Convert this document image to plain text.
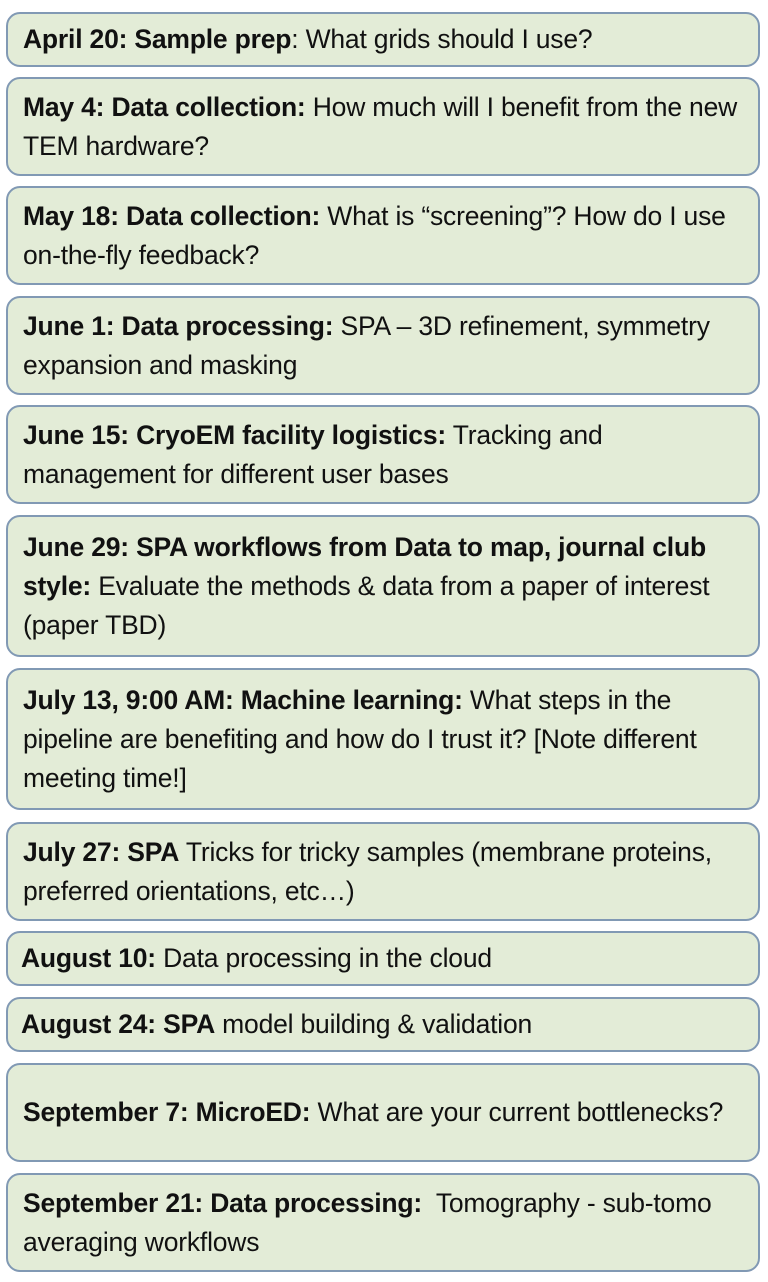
April 20: Sample prep: What grids should I use?

May 4: Data collection: How much will I benefit from the new TEM hardware?

May 18: Data collection: What is “screening”? How do I use on-the-fly feedback?

June 1: Data processing: SPA – 3D refinement, symmetry expansion and masking

June 15: CryoEM facility logistics: Tracking and management for different user bases

June 29: SPA workflows from Data to map, journal club style: Evaluate the methods & data from a paper of interest (paper TBD)

July 13, 9:00 AM: Machine learning: What steps in the pipeline are benefiting and how do I trust it? [Note different meeting time!]

July 27: SPA Tricks for tricky samples (membrane proteins, preferred orientations, etc…)

August 10: Data processing in the cloud

August 24: SPA model building & validation

September 7: MicroED: What are your current bottlenecks?

September 21: Data processing:  Tomography - sub-tomo averaging workflows
